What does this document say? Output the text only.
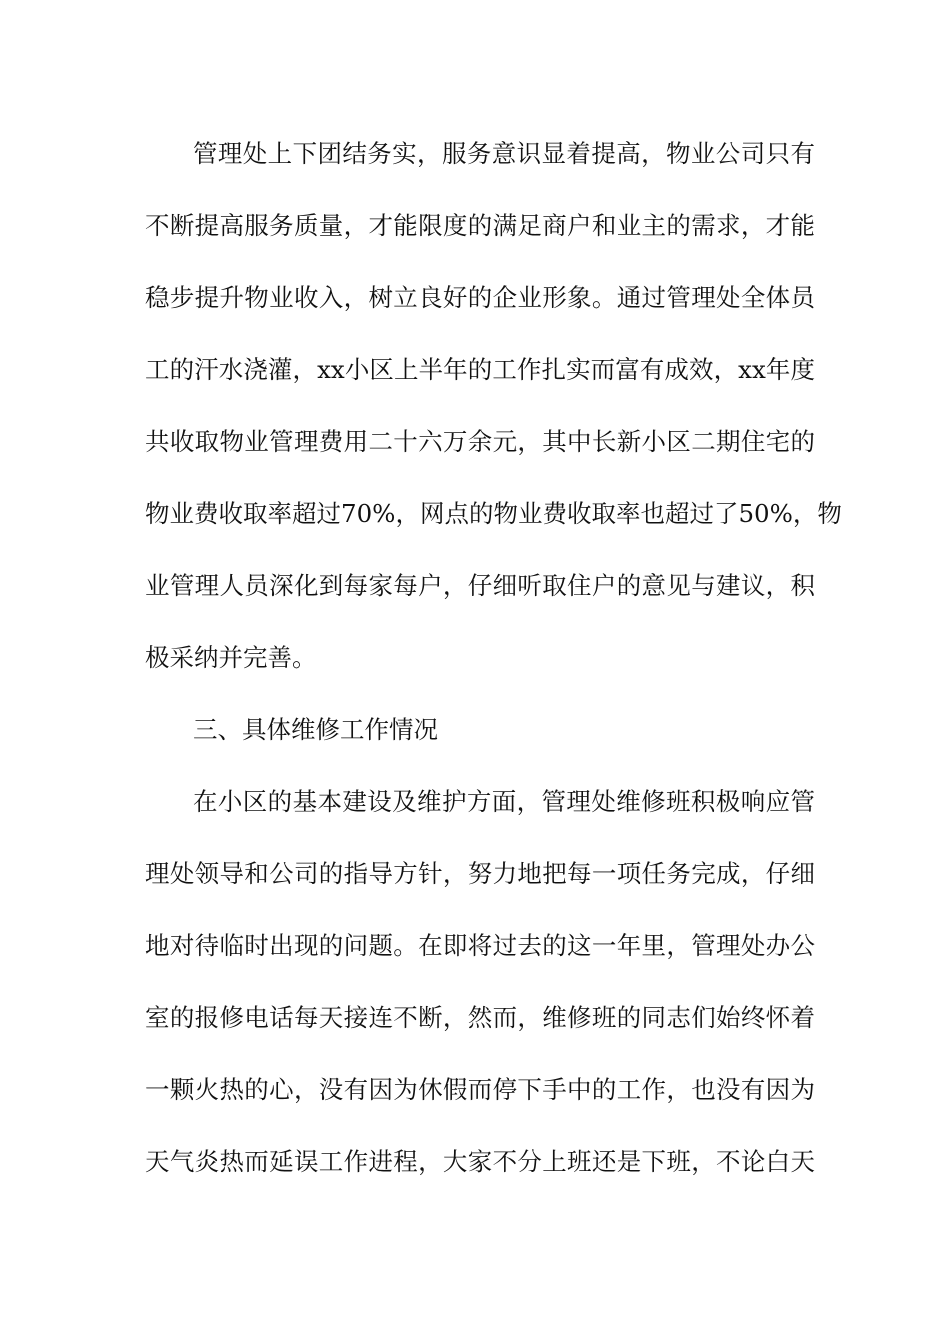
管理处上下团结务实，服务意识显着提高，物业公司只有
不断提高服务质量，才能限度的满足商户和业主的需求，才能
稳步提升物业收入，树立良好的企业形象。通过管理处全体员
工的汗水浇灌，xx小区上半年的工作扎实而富有成效，xx年度
共收取物业管理费用二十六万余元，其中长新小区二期住宅的
物业费收取率超过70%，网点的物业费收取率也超过了50%，物
业管理人员深化到每家每户，仔细听取住户的意见与建议，积
极采纳并完善。
三、具体维修工作情况
在小区的基本建设及维护方面，管理处维修班积极响应管
理处领导和公司的指导方针，努力地把每一项任务完成，仔细
地对待临时出现的问题。在即将过去的这一年里，管理处办公
室的报修电话每天接连不断，然而，维修班的同志们始终怀着
一颗火热的心，没有因为休假而停下手中的工作，也没有因为
天气炎热而延误工作进程，大家不分上班还是下班，不论白天
